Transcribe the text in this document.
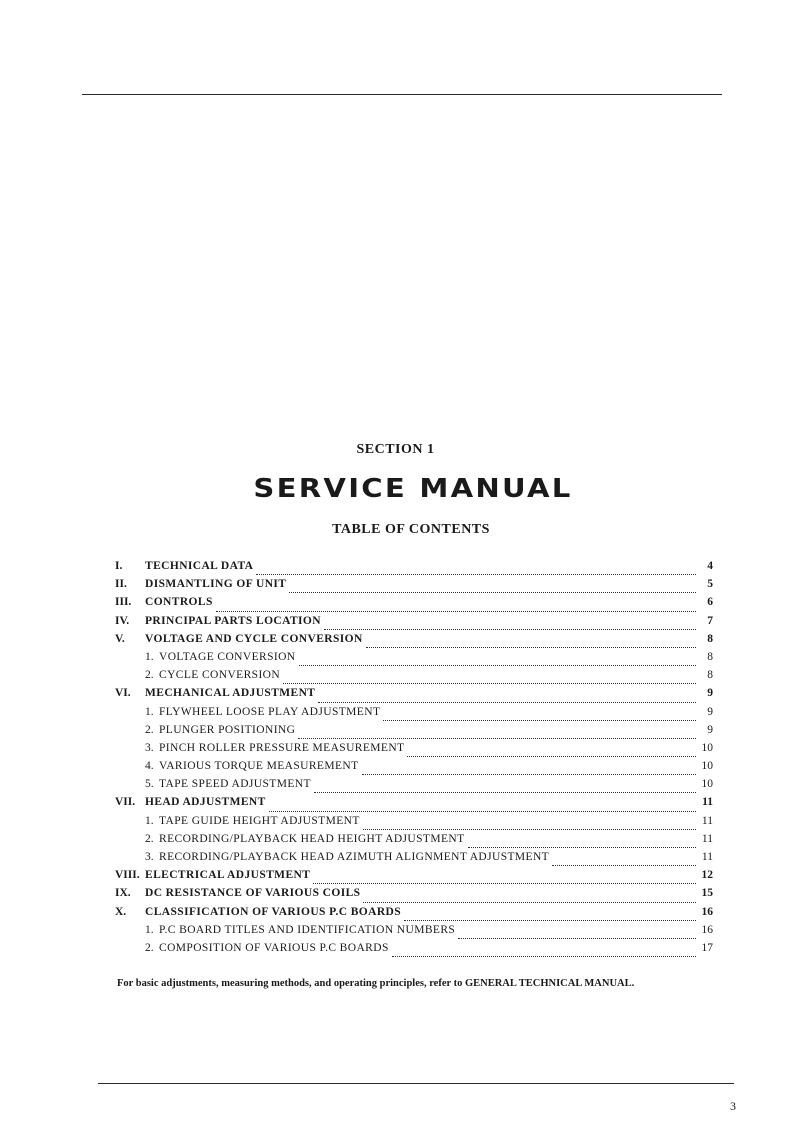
SECTION 1
SERVICE MANUAL
TABLE OF CONTENTS
I.	TECHNICAL DATA	4
II.	DISMANTLING OF UNIT	5
III.	CONTROLS	6
IV.	PRINCIPAL PARTS LOCATION	7
V.	VOLTAGE AND CYCLE CONVERSION	8
1. VOLTAGE CONVERSION	8
2. CYCLE CONVERSION	8
VI.	MECHANICAL ADJUSTMENT	9
1. FLYWHEEL LOOSE PLAY ADJUSTMENT	9
2. PLUNGER POSITIONING	9
3. PINCH ROLLER PRESSURE MEASUREMENT	10
4. VARIOUS TORQUE MEASUREMENT	10
5. TAPE SPEED ADJUSTMENT	10
VII. HEAD ADJUSTMENT	11
1. TAPE GUIDE HEIGHT ADJUSTMENT	11
2. RECORDING/PLAYBACK HEAD HEIGHT ADJUSTMENT	11
3. RECORDING/PLAYBACK HEAD AZIMUTH ALIGNMENT ADJUSTMENT	11
VIII. ELECTRICAL ADJUSTMENT	12
IX.	DC RESISTANCE OF VARIOUS COILS	15
X.	CLASSIFICATION OF VARIOUS P.C BOARDS	16
1. P.C BOARD TITLES AND IDENTIFICATION NUMBERS	16
2. COMPOSITION OF VARIOUS P.C BOARDS	17
For basic adjustments, measuring methods, and operating principles, refer to GENERAL TECHNICAL MANUAL.
3
